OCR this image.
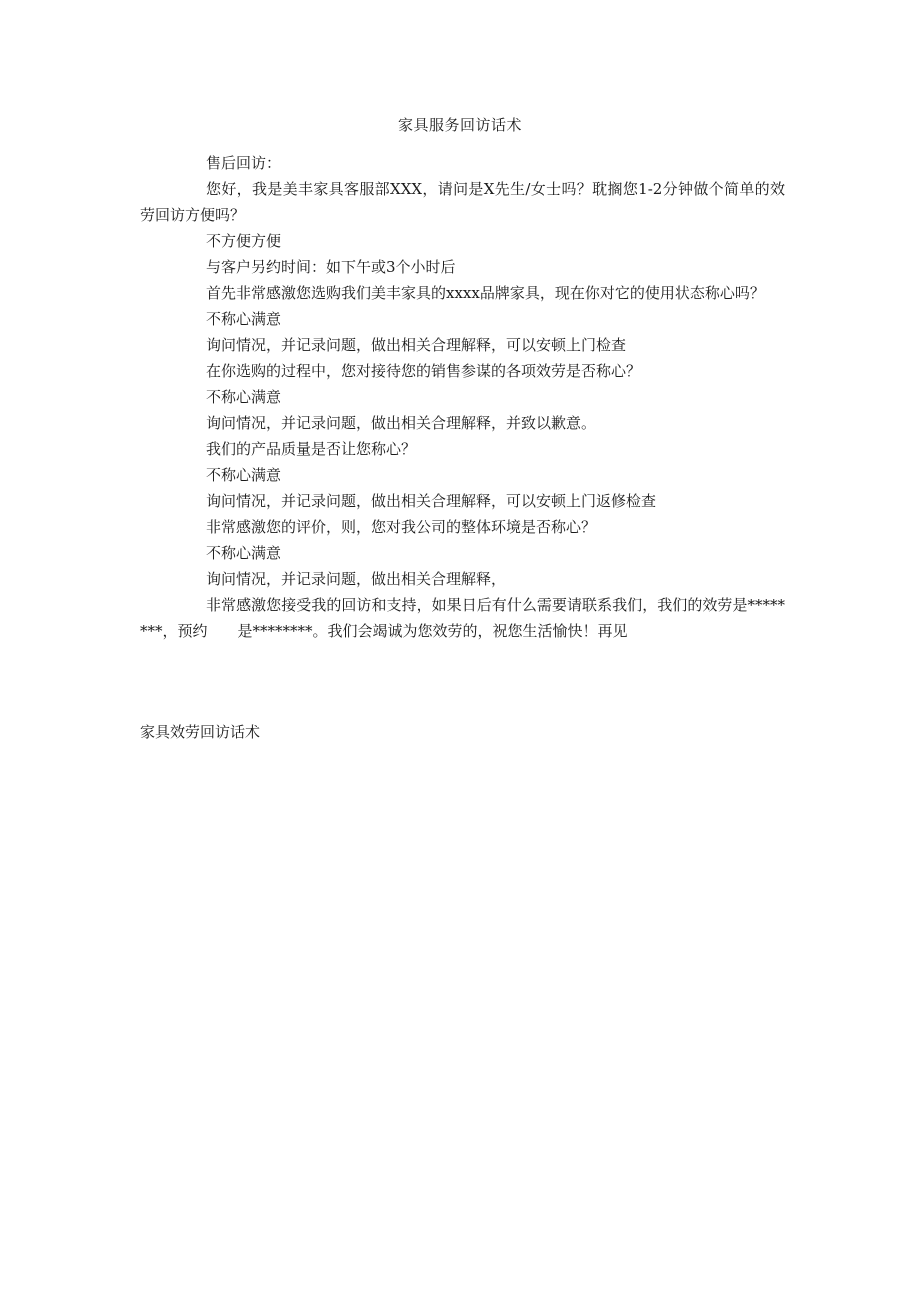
家具服务回访话术

售后回访：

您好，我是美丰家具客服部XXX，请问是X先生/女士吗？耽搁您1-2分钟做个简单的效劳回访方便吗？

不方便方便

与客户另约时间：如下午或3个小时后

首先非常感激您选购我们美丰家具的xxxx品牌家具，现在你对它的使用状态称心吗？

不称心满意

询问情况，并记录问题，做出相关合理解释，可以安顿上门检查

在你选购的过程中，您对接待您的销售参谋的各项效劳是否称心？

不称心满意

询问情况，并记录问题，做出相关合理解释，并致以歉意。

我们的产品质量是否让您称心？

不称心满意

询问情况，并记录问题，做出相关合理解释，可以安顿上门返修检查

非常感激您的评价，则，您对我公司的整体环境是否称心？

不称心满意

询问情况，并记录问题，做出相关合理解释，

非常感激您接受我的回访和支持，如果日后有什么需要请联系我们，我们的效劳是********，预约　　是********。我们会竭诚为您效劳的，祝您生活愉快！再见

家具效劳回访话术
